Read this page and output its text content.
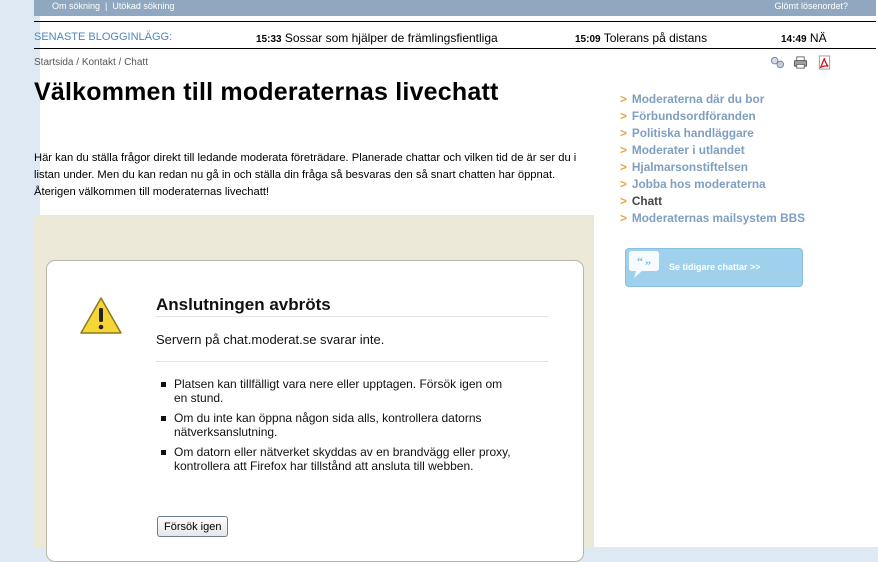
Om sökning | Utökad sökning	Glömt lösenordet?
SENASTE BLOGGINLÄGG:	15:33 Sossar som hjälper de främlingsfientliga	15:09 Tolerans på distans	14:49 NÄ
Startsida / Kontakt / Chatt

Välkommen till moderaternas livechatt

Här kan du ställa frågor direkt till ledande moderata företrädare. Planerade chattar och vilken tid de är ser du i listan under. Men du kan redan nu gå in och ställa din fråga så besvaras den så snart chatten har öppnat. Återigen välkommen till moderaternas livechatt!

Anslutningen avbröts
Servern på chat.moderat.se svarar inte.
Platsen kan tillfälligt vara nere eller upptagen. Försök igen om en stund.
Om du inte kan öppna någon sida alls, kontrollera datorns nätverksanslutning.
Om datorn eller nätverket skyddas av en brandvägg eller proxy, kontrollera att Firefox har tillstånd att ansluta till webben.
Försök igen
> Moderaterna där du bor
> Förbundsordföranden
> Politiska handläggare
> Moderater i utlandet
> Hjalmarsonstiftelsen
> Jobba hos moderaterna
> Chatt
> Moderaternas mailsystem BBS
“ ” Se tidigare chattar >>
